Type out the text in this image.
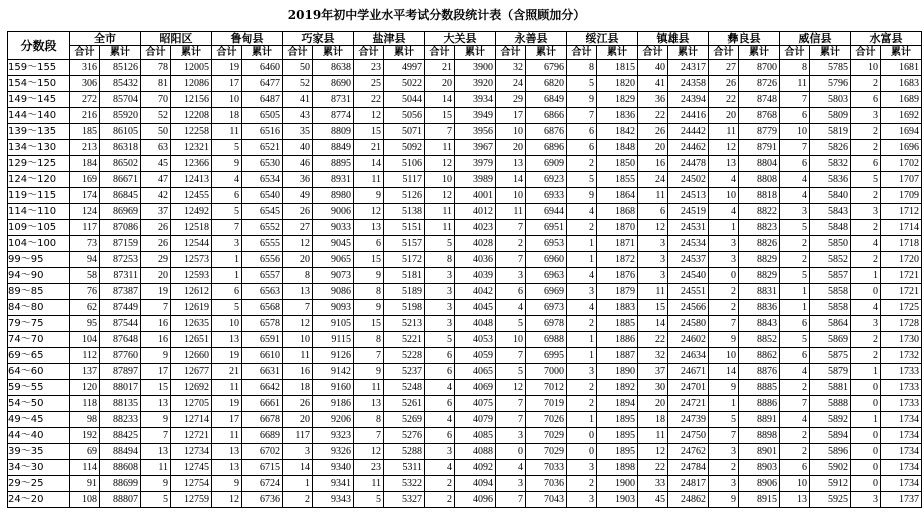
2019年初中学业水平考试分数段统计表（含照顾加分）
分数段	全市		昭阳区		鲁甸县		巧家县		盐津县		大关县		永善县		绥江县		镇雄县		彝良县		威信县		水富县	
	合计	累计	合计	累计	合计	累计	合计	累计	合计	累计	合计	累计	合计	累计	合计	累计	合计	累计	合计	累计	合计	累计	合计	累计
159～155	316	85126	78	12005	19	6460	50	8638	23	4997	21	3900	32	6796	8	1815	40	24317	27	8700	8	5785	10	1681
154～150	306	85432	81	12086	17	6477	52	8690	25	5022	20	3920	24	6820	5	1820	41	24358	26	8726	11	5796	2	1683
149～145	272	85704	70	12156	10	6487	41	8731	22	5044	14	3934	29	6849	9	1829	36	24394	22	8748	7	5803	6	1689
144～140	216	85920	52	12208	18	6505	43	8774	12	5056	15	3949	17	6866	7	1836	22	24416	20	8768	6	5809	3	1692
139～135	185	86105	50	12258	11	6516	35	8809	15	5071	7	3956	10	6876	6	1842	26	24442	11	8779	10	5819	2	1694
134～130	213	86318	63	12321	5	6521	40	8849	21	5092	11	3967	20	6896	6	1848	20	24462	12	8791	7	5826	2	1696
129～125	184	86502	45	12366	9	6530	46	8895	14	5106	12	3979	13	6909	2	1850	16	24478	13	8804	6	5832	6	1702
124～120	169	86671	47	12413	4	6534	36	8931	11	5117	10	3989	14	6923	5	1855	24	24502	4	8808	4	5836	5	1707
119～115	174	86845	42	12455	6	6540	49	8980	9	5126	12	4001	10	6933	9	1864	11	24513	10	8818	4	5840	2	1709
114～110	124	86969	37	12492	5	6545	26	9006	12	5138	11	4012	11	6944	4	1868	6	24519	4	8822	3	5843	3	1712
109～105	117	87086	26	12518	7	6552	27	9033	13	5151	11	4023	7	6951	2	1870	12	24531	1	8823	5	5848	2	1714
104～100	73	87159	26	12544	3	6555	12	9045	6	5157	5	4028	2	6953	1	1871	3	24534	3	8826	2	5850	4	1718
99～95	94	87253	29	12573	1	6556	20	9065	15	5172	8	4036	7	6960	1	1872	3	24537	3	8829	2	5852	2	1720
94～90	58	87311	20	12593	1	6557	8	9073	9	5181	3	4039	3	6963	4	1876	3	24540	0	8829	5	5857	1	1721
89～85	76	87387	19	12612	6	6563	13	9086	8	5189	3	4042	6	6969	3	1879	11	24551	2	8831	1	5858	0	1721
84～80	62	87449	7	12619	5	6568	7	9093	9	5198	3	4045	4	6973	4	1883	15	24566	2	8836	1	5858	4	1725
79～75	95	87544	16	12635	10	6578	12	9105	15	5213	3	4048	5	6978	2	1885	14	24580	7	8843	6	5864	3	1728
74～70	104	87648	16	12651	13	6591	10	9115	8	5221	5	4053	10	6988	1	1886	22	24602	9	8852	5	5869	2	1730
69～65	112	87760	9	12660	19	6610	11	9126	7	5228	6	4059	7	6995	1	1887	32	24634	10	8862	6	5875	2	1732
64～60	137	87897	17	12677	21	6631	16	9142	9	5237	6	4065	5	7000	3	1890	37	24671	14	8876	4	5879	1	1733
59～55	120	88017	15	12692	11	6642	18	9160	11	5248	4	4069	12	7012	2	1892	30	24701	9	8885	2	5881	0	1733
54～50	118	88135	13	12705	19	6661	26	9186	13	5261	6	4075	7	7019	2	1894	20	24721	1	8886	7	5888	0	1733
49～45	98	88233	9	12714	17	6678	20	9206	8	5269	4	4079	7	7026	1	1895	18	24739	5	8891	4	5892	1	1734
44～40	192	88425	7	12721	11	6689	117	9323	7	5276	6	4085	3	7029	0	1895	11	24750	7	8898	2	5894	0	1734
39～35	69	88494	13	12734	13	6702	3	9326	12	5288	3	4088	0	7029	0	1895	12	24762	3	8901	2	5896	0	1734
34～30	114	88608	11	12745	13	6715	14	9340	23	5311	4	4092	4	7033	3	1898	22	24784	2	8903	6	5902	0	1734
29～25	91	88699	9	12754	9	6724	1	9341	11	5322	2	4094	3	7036	2	1900	33	24817	3	8906	10	5912	0	1734
24～20	108	88807	5	12759	12	6736	2	9343	5	5327	2	4096	7	7043	3	1903	45	24862	9	8915	13	5925	3	1737
